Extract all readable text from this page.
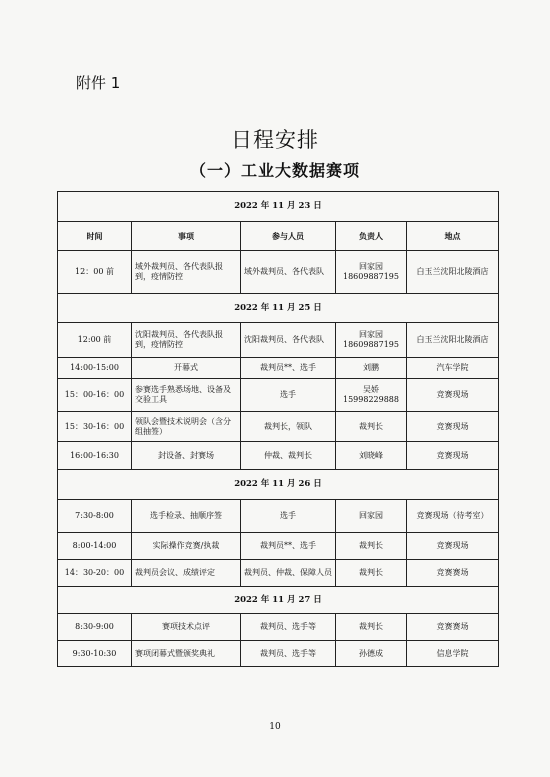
附件 1
日程安排
（一）工业大数据赛项
2022 年 11 月 23 日				
时间	事项	参与人员	负责人	地点
12：00 前	域外裁判员、各代表队报到，疫情防控	域外裁判员、各代表队	回家园 18609887195	白玉兰沈阳北陵酒店
2022 年 11 月 25 日				
12:00 前	沈阳裁判员、各代表队报到，疫情防控	沈阳裁判员、各代表队	回家园 18609887195	白玉兰沈阳北陵酒店
14:00-15:00	开幕式	裁判员**、选手	刘鹏	汽车学院
15：00-16：00	参赛选手熟悉场地、设备及交验工具	选手	吴娇 15998229888	竞赛现场
15：30-16：00	领队会暨技术说明会（含分组抽签）	裁判长，领队	裁判长	竞赛现场
16:00-16:30	封设备、封赛场	仲裁、裁判长	刘晓峰	竞赛现场
2022 年 11 月 26 日				
7:30-8:00	选手检录、抽顺序签	选手	回家园	竞赛现场（待考室）
8:00-14:00	实际操作竞赛/执裁	裁判员**、选手	裁判长	竞赛现场
14：30-20：00	裁判员会议、成绩评定	裁判员、仲裁、保障人员	裁判长	竞赛赛场
2022 年 11 月 27 日				
8:30-9:00	赛项技术点评	裁判员、选手等	裁判长	竞赛赛场
9:30-10:30	赛项闭幕式暨颁奖典礼	裁判员、选手等	孙德成	信息学院
10
